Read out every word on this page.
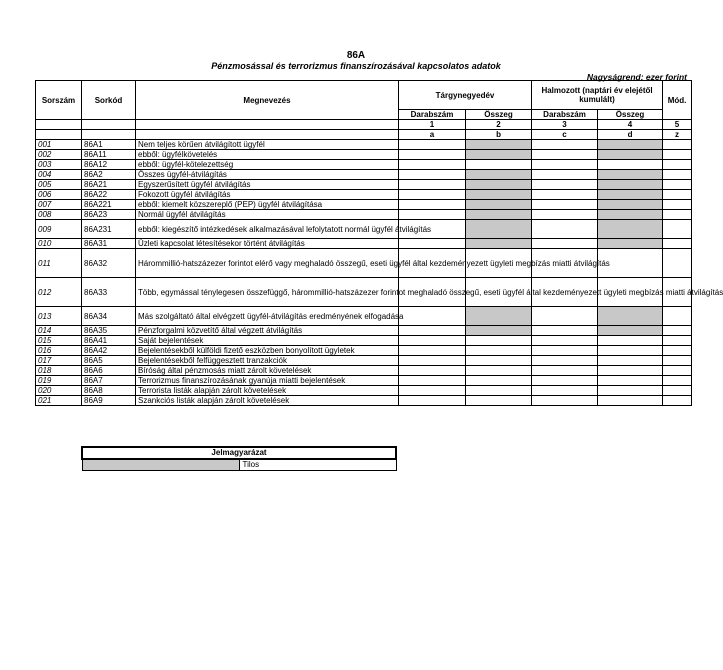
86A
Pénzmosással és terrorizmus finanszírozásával kapcsolatos adatok
Nagyságrend: ezer forint
Sorszám	Sorkód	Megnevezés	Tárgynegyedév		Halmozott (naptári év elejétől kumulált)		Mód.
			Darabszám	Összeg	Darabszám	Összeg	
			1	2	3	4	5
			a	b	c	d	z
001	86A1	Nem teljes körűen átvilágított ügyfél					
002	86A11	ebből: ügyfélkövetelés					
003	86A12	ebből: ügyfél-kötelezettség					
004	86A2	Összes ügyfél-átvilágítás					
005	86A21	Egyszerűsített ügyfél átvilágítás					
006	86A22	Fokozott ügyfél átvilágítás					
007	86A221	ebből: kiemelt közszereplő (PEP) ügyfél átvilágítása					
008	86A23	Normál ügyfél átvilágítás					
009	86A231	ebből: kiegészítő intézkedések alkalmazásával lefolytatott normál ügyfél átvilágítás					
010	86A31	Üzleti kapcsolat létesítésekor történt átvilágítás					
011	86A32	Hárommillió-hatszázezer forintot elérő vagy meghaladó összegű, eseti ügyfél által kezdeményezett ügyleti megbízás miatti átvilágítás					
012	86A33	Több, egymással ténylegesen összefüggő, hárommillió-hatszázezer forintot meghaladó összegű, eseti ügyfél által kezdeményezett ügyleti megbízás miatti átvilágítás					
013	86A34	Más szolgáltató által elvégzett ügyfél-átvilágítás eredményének elfogadása					
014	86A35	Pénzforgalmi közvetítő által végzett átvilágítás					
015	86A41	Saját bejelentések					
016	86A42	Bejelentésekből külföldi fizető eszközben bonyolított ügyletek					
017	86A5	Bejelentésekből felfüggesztett tranzakciók					
018	86A6	Bíróság által pénzmosás miatt zárolt követelések					
019	86A7	Terrorizmus finanszírozásának gyanúja miatti bejelentések					
020	86A8	Terrorista listák alapján zárolt követelések					
021	86A9	Szankciós listák alapján zárolt követelések					
Jelmagyarázat
	Tilos
